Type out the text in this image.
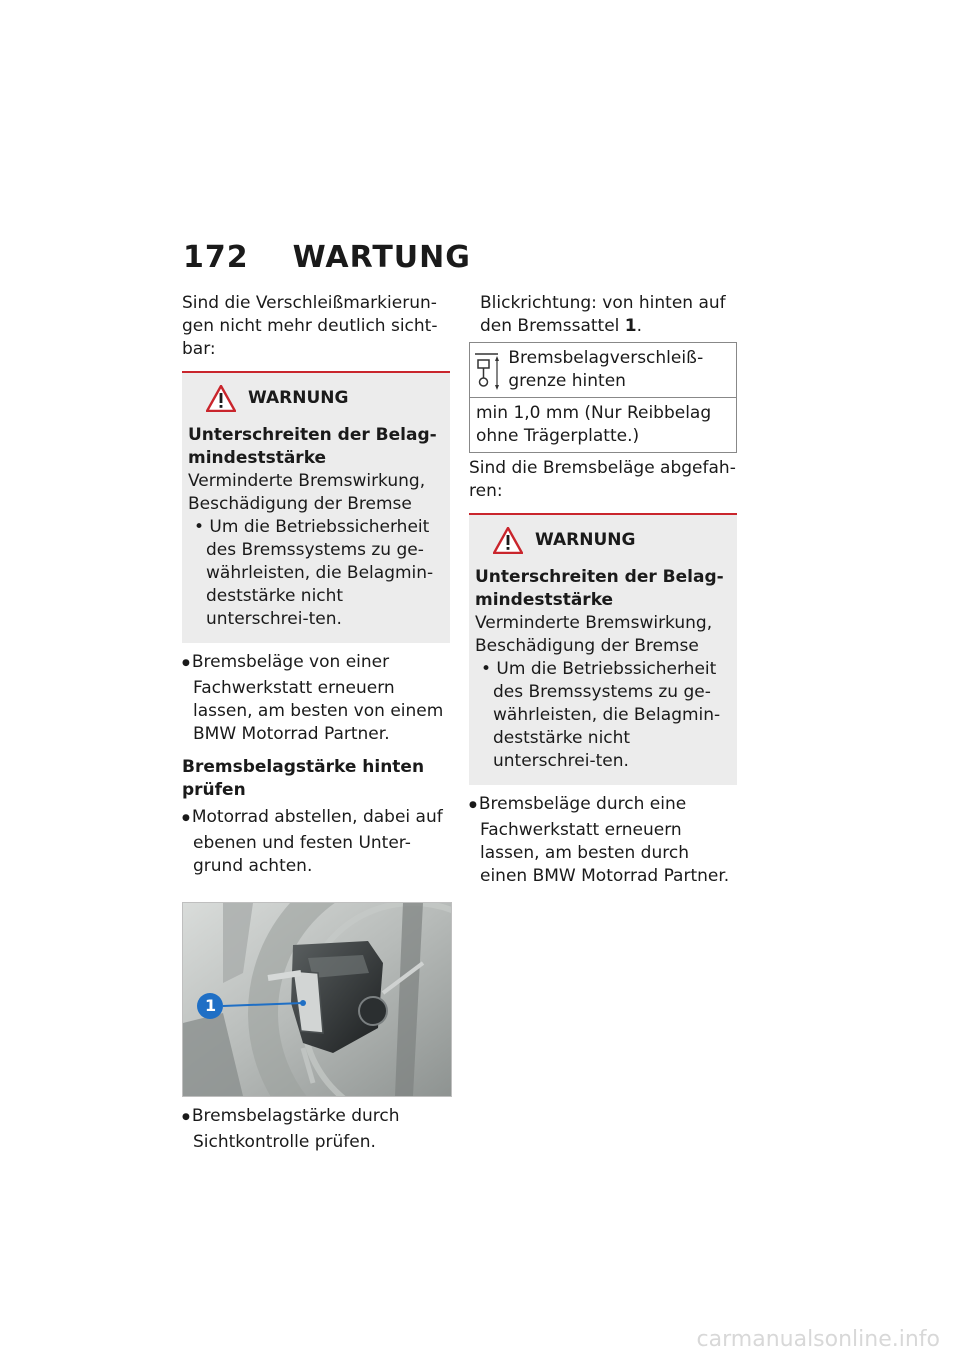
172 WARTUNG

Sind die Verschleißmarkierun-gen nicht mehr deutlich sicht-bar:

WARNUNG

Unterschreiten der Belag-mindeststärke

Verminderte Bremswirkung, Beschädigung der Bremse

• Um die Betriebssicherheit des Bremssystems zu ge-währleisten, die Belagmin-deststärke nicht unterschrei-ten.

● Bremsbeläge von einer Fachwerkstatt erneuern lassen, am besten von einem BMW Motorrad Partner.

Bremsbelagstärke hinten prüfen

● Motorrad abstellen, dabei auf ebenen und festen Unter-grund achten.

1

● Bremsbelagstärke durch Sichtkontrolle prüfen.

Blickrichtung: von hinten auf den Bremssattel 1.

Bremsbelagverschleiß-grenze hinten
min 1,0 mm (Nur Reibbelag ohne Trägerplatte.)

Sind die Bremsbeläge abgefah-ren:

WARNUNG

Unterschreiten der Belag-mindeststärke

Verminderte Bremswirkung, Beschädigung der Bremse

• Um die Betriebssicherheit des Bremssystems zu ge-währleisten, die Belagmin-deststärke nicht unterschrei-ten.

● Bremsbeläge durch eine Fachwerkstatt erneuern lassen, am besten durch einen BMW Motorrad Partner.

carmanualsonline.info
